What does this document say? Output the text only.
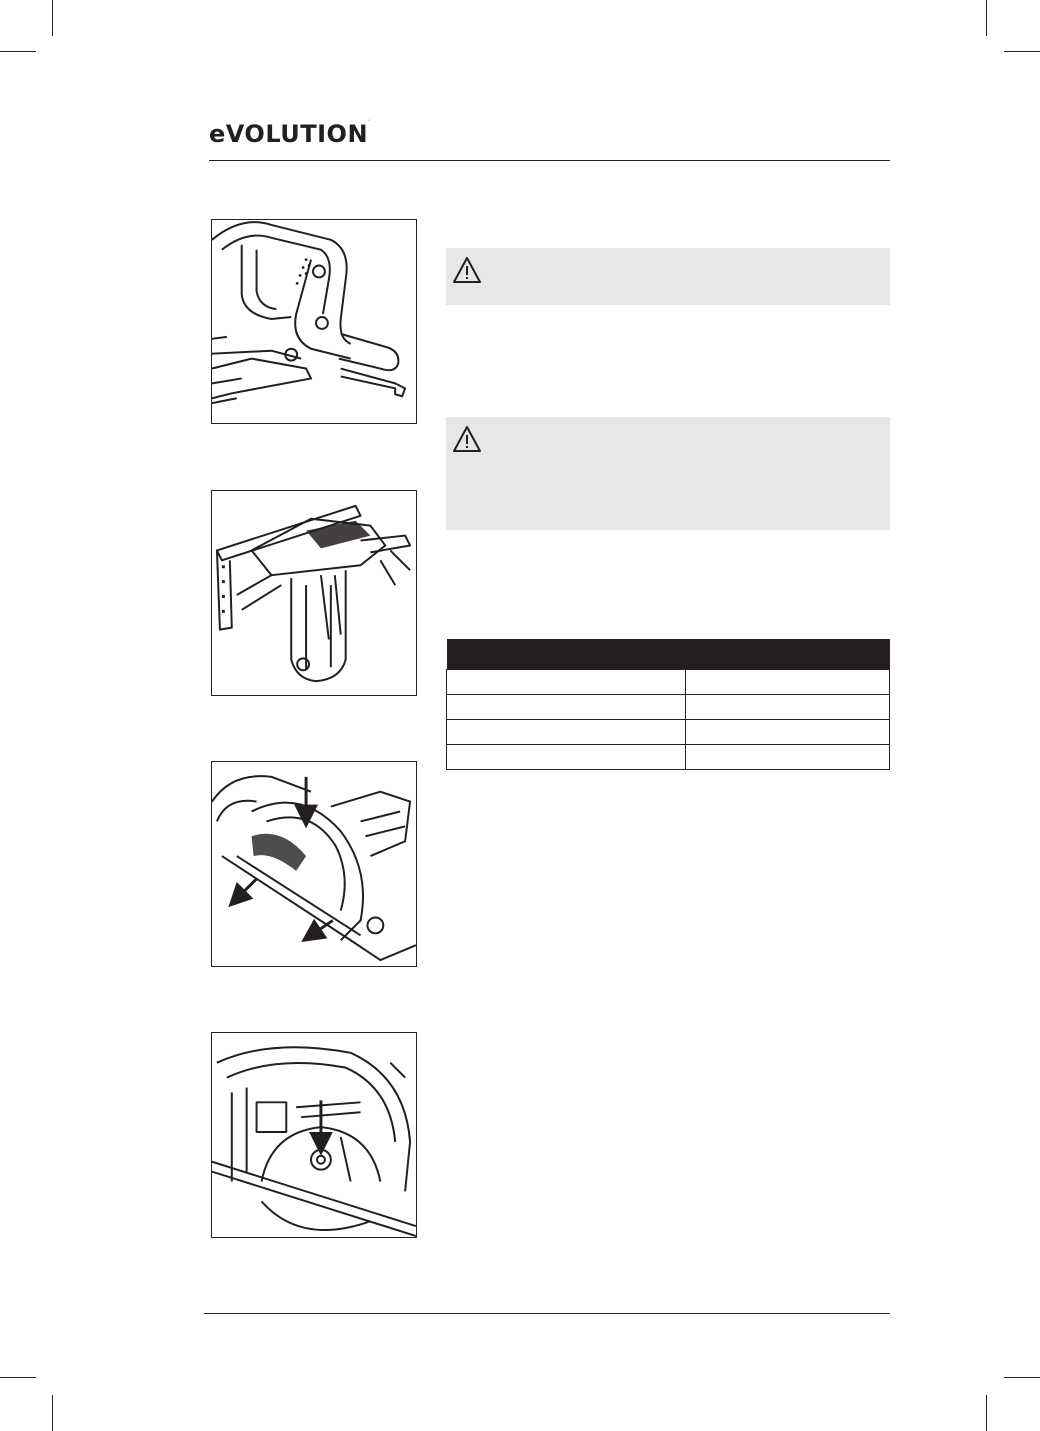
eVOLUTION·
